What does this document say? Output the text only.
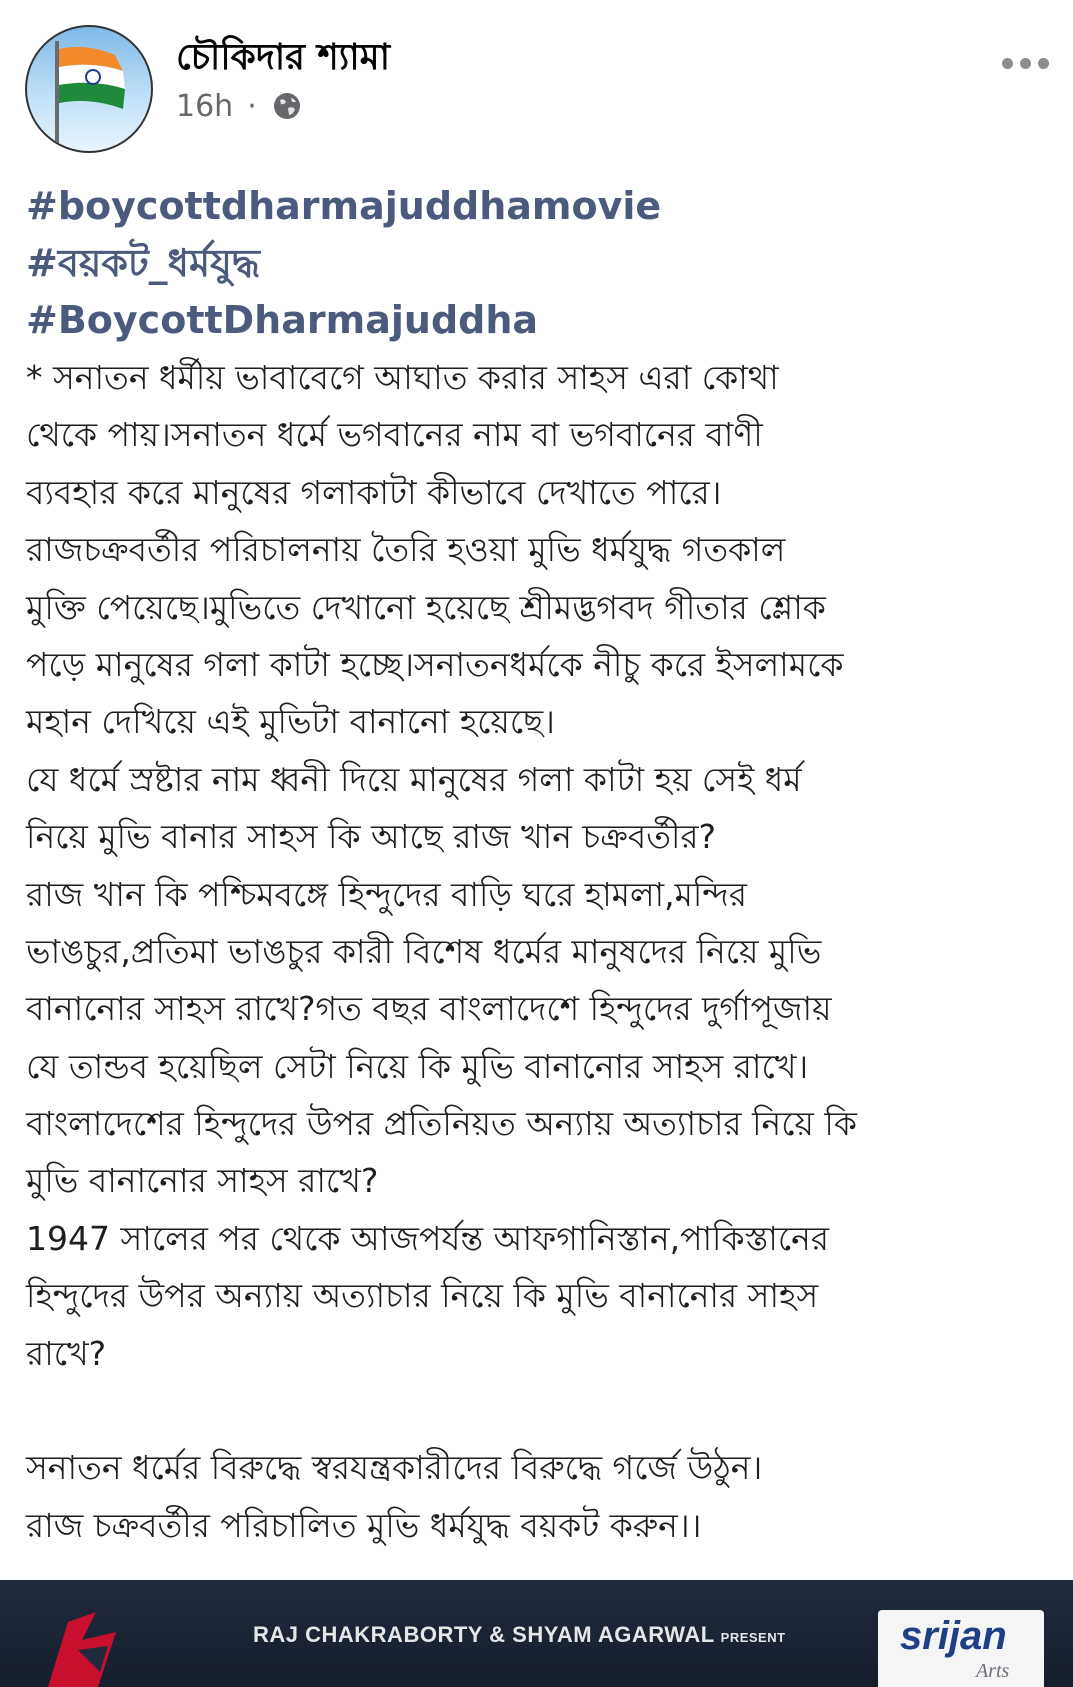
চৌকিদার শ্যামা
16h ·
#boycottdharmajuddhamovie
#বয়কট_ধর্মযুদ্ধ
#BoycottDharmajuddha
* সনাতন ধর্মীয় ভাবাবেগে আঘাত করার সাহস এরা কোথা
থেকে পায়।সনাতন ধর্মে ভগবানের নাম বা ভগবানের বাণী
ব্যবহার করে মানুষের গলাকাটা কীভাবে দেখাতে পারে।
রাজচক্রবর্তীর পরিচালনায় তৈরি হওয়া মুভি ধর্মযুদ্ধ গতকাল
মুক্তি পেয়েছে।মুভিতে দেখানো হয়েছে শ্রীমদ্ভগবদ গীতার শ্লোক
পড়ে মানুষের গলা কাটা হচ্ছে।সনাতনধর্মকে নীচু করে ইসলামকে
মহান দেখিয়ে এই মুভিটা বানানো হয়েছে।
যে ধর্মে স্রষ্টার নাম ধ্বনী দিয়ে মানুষের গলা কাটা হয় সেই ধর্ম
নিয়ে মুভি বানার সাহস কি আছে রাজ খান চক্রবর্তীর?
রাজ খান কি পশ্চিমবঙ্গে হিন্দুদের বাড়ি ঘরে হামলা,মন্দির
ভাঙচুর,প্রতিমা ভাঙচুর কারী বিশেষ ধর্মের মানুষদের নিয়ে মুভি
বানানোর সাহস রাখে?গত বছর বাংলাদেশে হিন্দুদের দুর্গাপূজায়
যে তান্ডব হয়েছিল সেটা নিয়ে কি মুভি বানানোর সাহস রাখে।
বাংলাদেশের হিন্দুদের উপর প্রতিনিয়ত অন্যায় অত্যাচার নিয়ে কি
মুভি বানানোর সাহস রাখে?
1947 সালের পর থেকে আজপর্যন্ত আফগানিস্তান,পাকিস্তানের
হিন্দুদের উপর অন্যায় অত্যাচার নিয়ে কি মুভি বানানোর সাহস
রাখে?
সনাতন ধর্মের বিরুদ্ধে স্বরযন্ত্রকারীদের বিরুদ্ধে গর্জে উঠুন।
রাজ চক্রবর্তীর পরিচালিত মুভি ধর্মযুদ্ধ বয়কট করুন।।
RAJ CHAKRABORTY & SHYAM AGARWAL PRESENT	srijan
Arts
